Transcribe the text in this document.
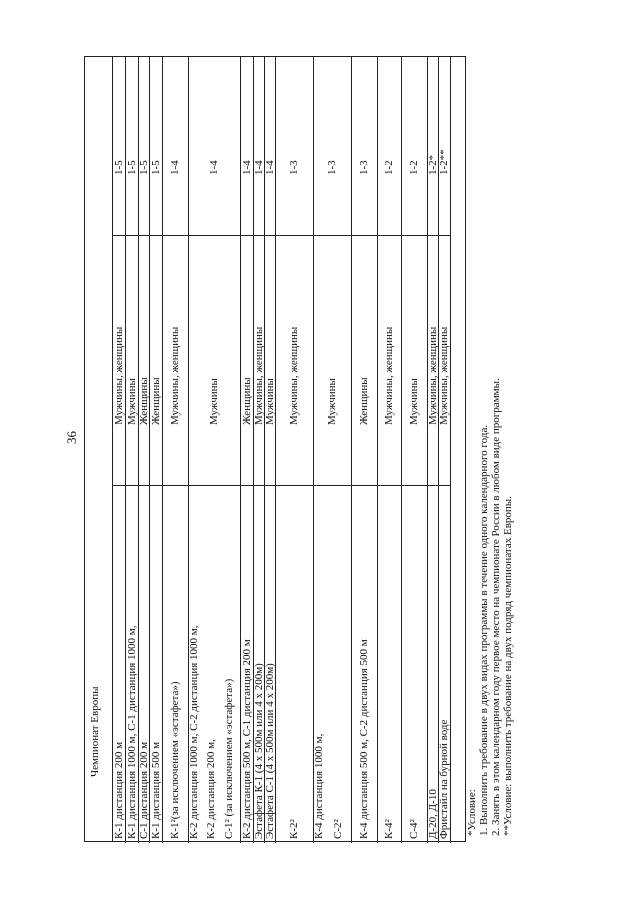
36
Чемпионат Европы
К-1 дистанция 200 м
Мужчины, женщины
1-5
К-1 дистанция 1000 м, С-1 дистанция 1000 м,
Мужчины
1-5
С-1 дистанция 200 м
Женщины
1-5
К-1 дистанция 500 м
Женщины
1-5
К-1²(за исключением «эстафета»)
Мужчины, женщины
1-4
К-2 дистанция 1000 м, С-2 дистанция 1000 м, К-2 дистанция 200 м, С-1² (за исключением «эстафета»)
Мужчины
1-4
К-2 дистанция 500 м, С-1 дистанция 200 м
Женщины
1-4
Эстафета К-1 (4 х 500м или 4 х 200м)
Мужчины, женщины
1-4
Эстафета С-1 (4 х 500м или 4 х 200м)
Мужчины
1-4
К-2²
Мужчины, женщины
1-3
К-4 дистанция 1000 м, С-2²
Мужчины
1-3
К-4 дистанция 500 м, С-2 дистанция 500 м
Женщины
1-3
К-4²
Мужчины, женщины
1-2
С-4²
Мужчины
1-2
Д-20, Д-10
Мужчины, женщины
1-2*
Фристайл на бурной воде
Мужчины, женщины
1-2**
*Условие: 1. Выполнить требование в двух видах программы в течение одного календарного года. 2. Занять в этом календарном году первое место на чемпионате России в любом виде программы. **Условие: выполнить требование на двух подряд чемпионатах Европы.
